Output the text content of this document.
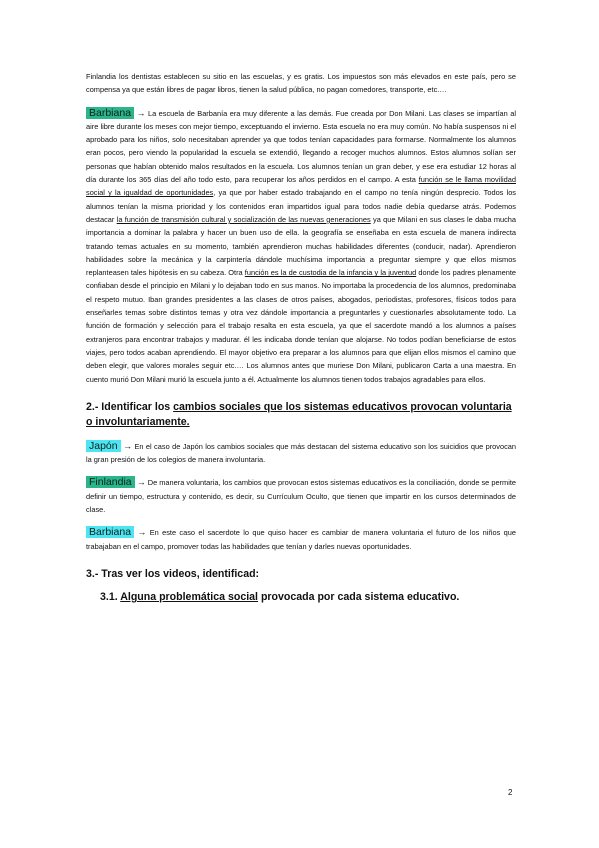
Finlandia los dentistas establecen su sitio en las escuelas, y es gratis. Los impuestos son más elevados en este país, pero se compensa ya que están libres de pagar libros, tienen la salud pública, no pagan comedores, transporte, etc.…

Barbiana → La escuela de Barbanía era muy diferente a las demás. Fue creada por Don Milani. Las clases se impartían al aire libre durante los meses con mejor tiempo, exceptuando el invierno. Esta escuela no era muy común. No había suspensos ni el aprobado para los niños, solo necesitaban aprender ya que todos tenían capacidades para formarse. Normalmente los alumnos eran pocos, pero viendo la popularidad la escuela se extendió, llegando a recoger muchos alumnos. Estos alumnos solían ser personas que habían obtenido malos resultados en la escuela. Los alumnos tenían un gran deber, y ese era estudiar 12 horas al día durante los 365 días del año todo esto, para recuperar los años perdidos en el campo. A esta función se le llama movilidad social y la igualdad de oportunidades, ya que por haber estado trabajando en el campo no tenía ningún desprecio. Todos los alumnos tenían la misma prioridad y los contenidos eran impartidos igual para todos nadie debía quedarse atrás. Podemos destacar la función de transmisión cultural y socialización de las nuevas generaciones ya que Milani en sus clases le daba mucha importancia a dominar la palabra y hacer un buen uso de ella. la geografía se enseñaba en esta escuela de manera indirecta tratando temas actuales en su momento, también aprendieron muchas habilidades diferentes (conducir, nadar). Aprendieron habilidades sobre la mecánica y la carpintería dándole muchísima importancia a preguntar siempre y que ellos mismos replanteasen tales hipótesis en su cabeza. Otra función es la de custodia de la infancia y la juventud donde los padres plenamente confiaban desde el principio en Milani y lo dejaban todo en sus manos. No importaba la procedencia de los alumnos, predominaba el respeto mutuo. Iban grandes presidentes a las clases de otros países, abogados, periodistas, profesores, físicos todos para enseñarles temas sobre distintos temas y otra vez dándole importancia a preguntarles y cuestionarles absolutamente todo. La función de formación y selección para el trabajo resalta en esta escuela, ya que el sacerdote mandó a los alumnos a países extranjeros para encontrar trabajos y madurar. él les indicaba donde tenían que alojarse. No todos podían beneficiarse de estos viajes, pero todos acaban aprendiendo. El mayor objetivo era preparar a los alumnos para que elijan ellos mismos el camino que deben elegir, que valores morales seguir etc.… Los alumnos antes que muriese Don Milani, publicaron Carta a una maestra. En cuento murió Don Milani murió la escuela junto a él. Actualmente los alumnos tienen todos trabajos agradables para ellos.

2.- Identificar los cambios sociales que los sistemas educativos provocan voluntaria o involuntariamente.

Japón → En el caso de Japón los cambios sociales que más destacan del sistema educativo son los suicidios que provocan la gran presión de los colegios de manera involuntaria.

Finlandia → De manera voluntaria, los cambios que provocan estos sistemas educativos es la conciliación, donde se permite definir un tiempo, estructura y contenido, es decir, su Currículum Oculto, que tienen que impartir en los cursos determinados de clase.

Barbiana → En este caso el sacerdote lo que quiso hacer es cambiar de manera voluntaria el futuro de los niños que trabajaban en el campo, promover todas las habilidades que tenían y darles nuevas oportunidades.

3.- Tras ver los videos, identificad:
3.1. Alguna problemática social provocada por cada sistema educativo.
2
